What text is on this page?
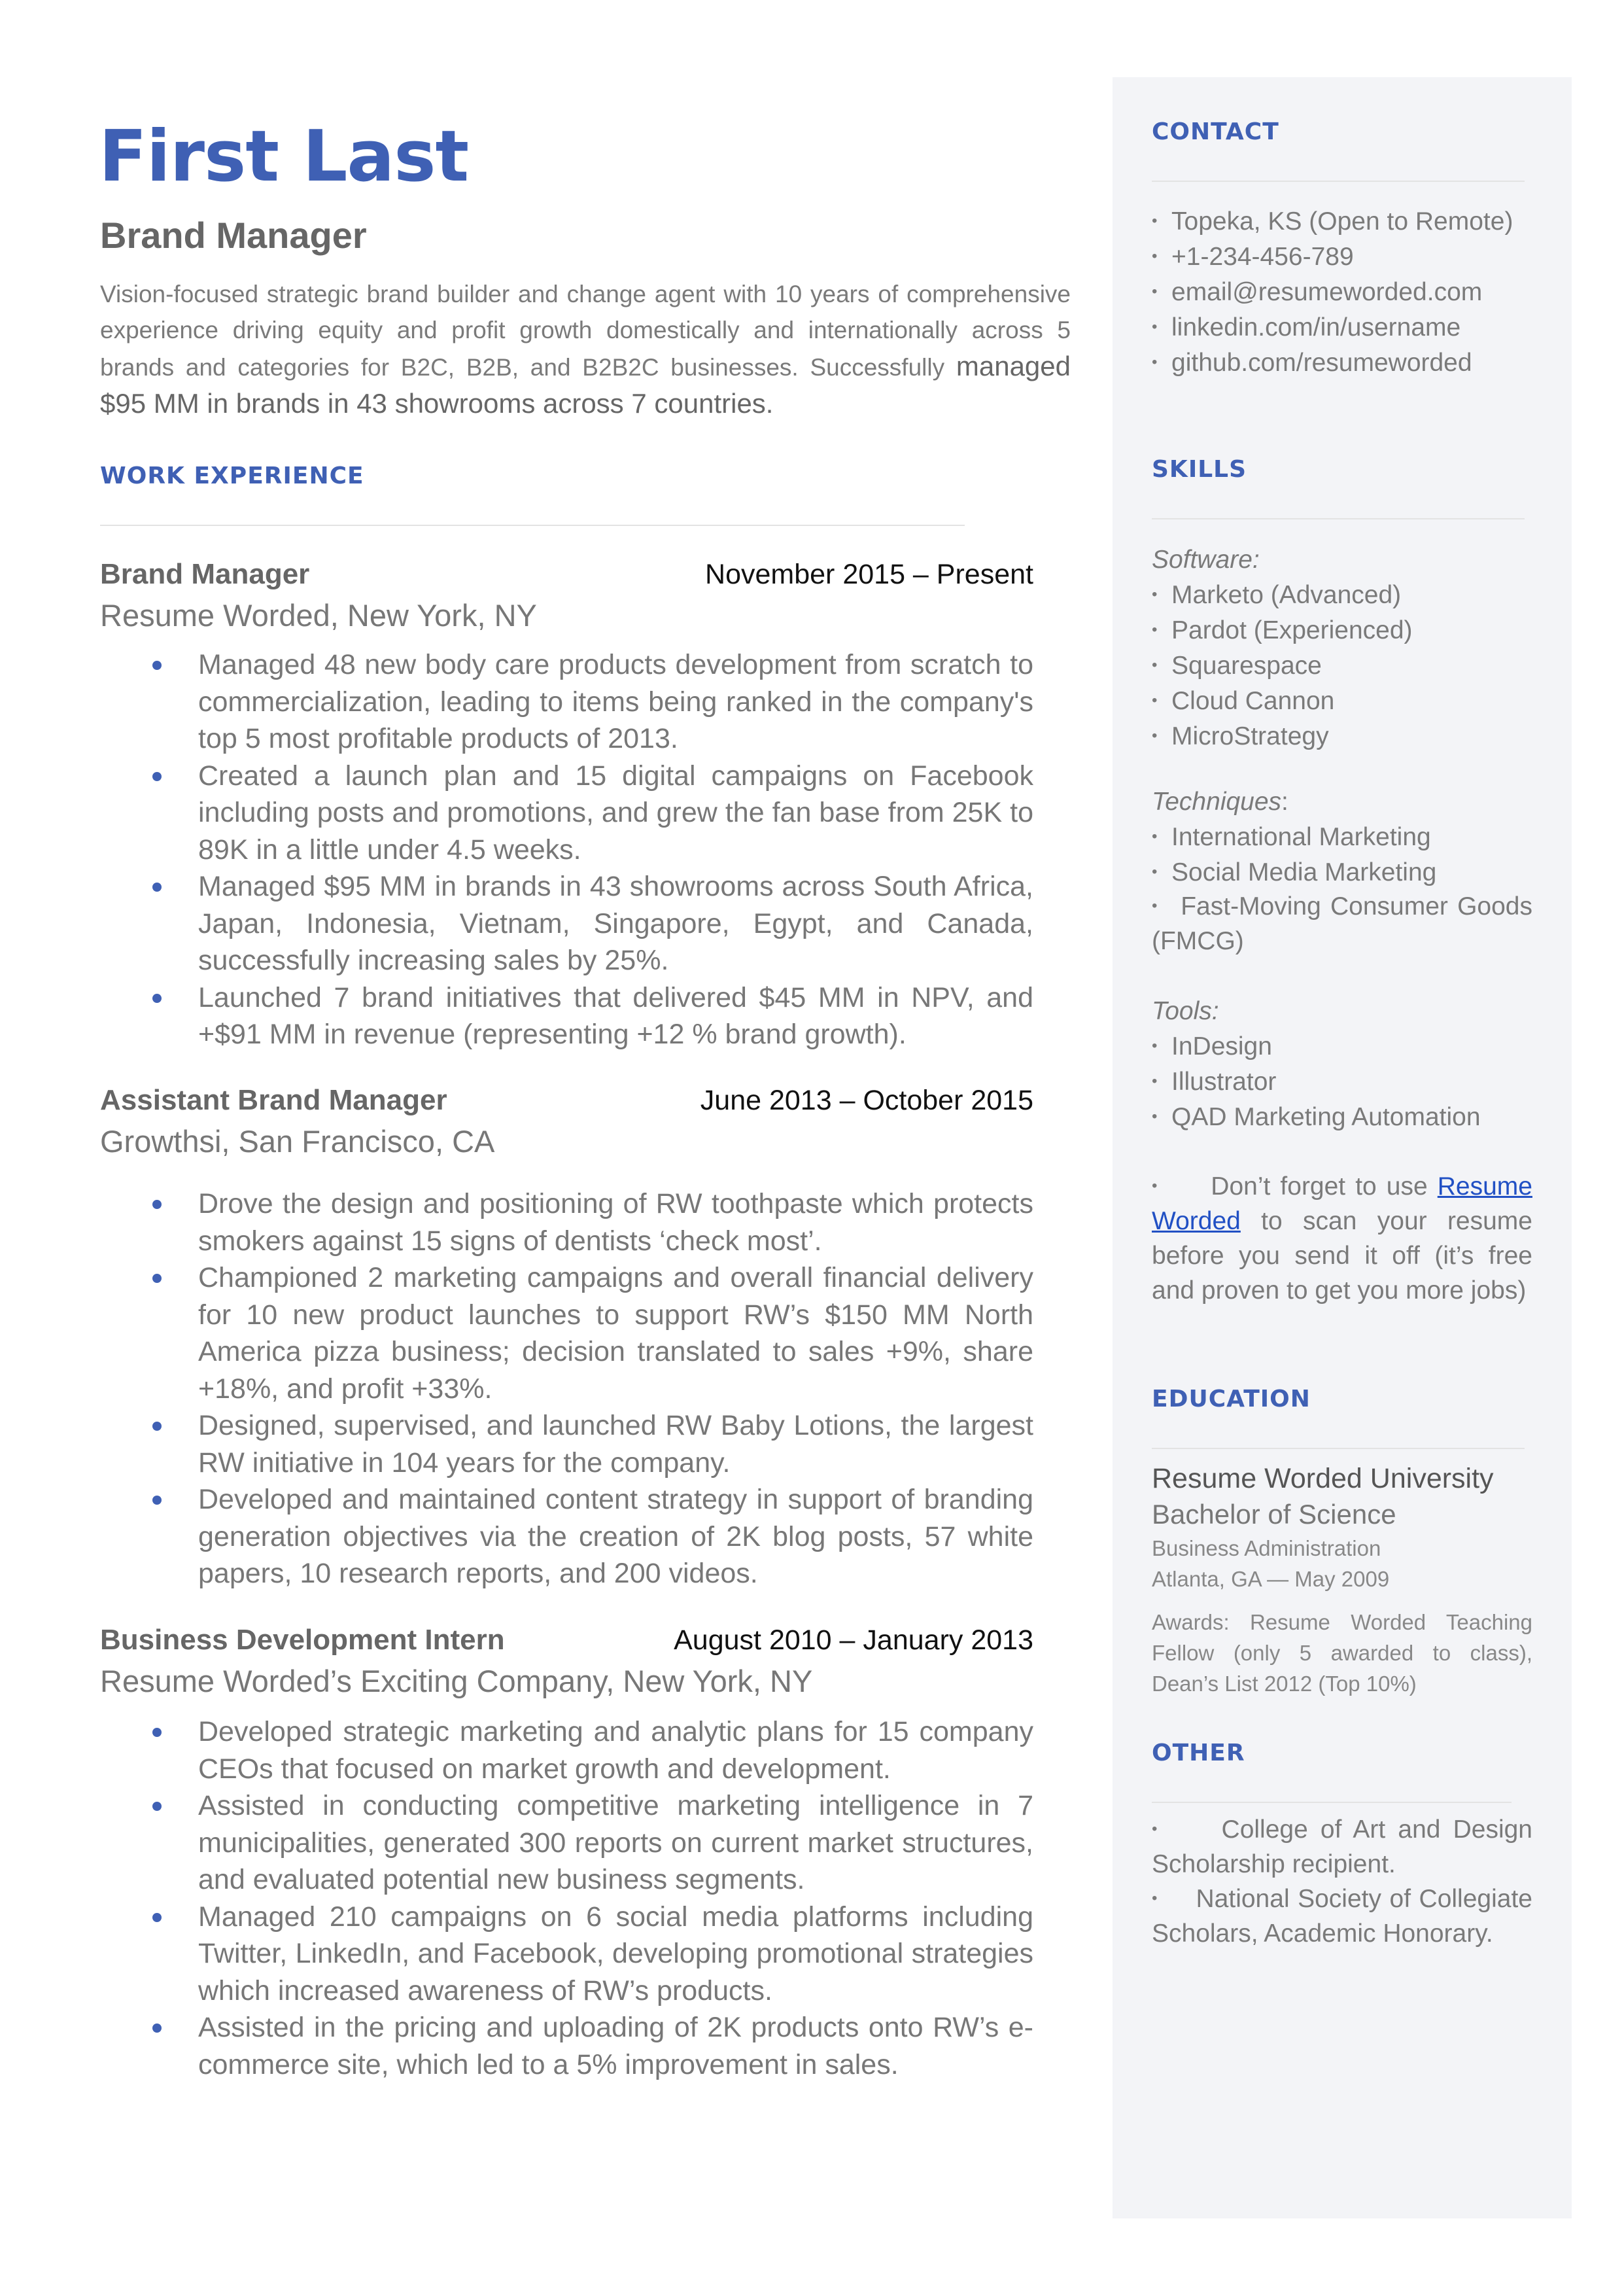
First Last
Brand Manager

Vision-focused strategic brand builder and change agent with 10 years of comprehensive experience driving equity and profit growth domestically and internationally across 5 brands and categories for B2C, B2B, and B2B2C businesses. Successfully managed $95 MM in brands in 43 showrooms across 7 countries.

WORK EXPERIENCE

Brand Manager	November 2015 – Present

Resume Worded, New York, NY

Managed 48 new body care products development from scratch to commercialization, leading to items being ranked in the company's top 5 most profitable products of 2013.
Created a launch plan and 15 digital campaigns on Facebook including posts and promotions, and grew the fan base from 25K to 89K in a little under 4.5 weeks.
Managed $95 MM in brands in 43 showrooms across South Africa, Japan, Indonesia, Vietnam, Singapore, Egypt, and Canada, successfully increasing sales by 25%.
Launched 7 brand initiatives that delivered $45 MM in NPV, and +$91 MM in revenue (representing +12 % brand growth).

Assistant Brand Manager	June 2013 – October 2015

Growthsi, San Francisco, CA

Drove the design and positioning of RW toothpaste which protects smokers against 15 signs of dentists ‘check most’.
Championed 2 marketing campaigns and overall financial delivery for 10 new product launches to support RW’s $150 MM North America pizza business; decision translated to sales +9%, share +18%, and profit +33%.
Designed, supervised, and launched RW Baby Lotions, the largest RW initiative in 104 years for the company.
Developed and maintained content strategy in support of branding generation objectives via the creation of 2K blog posts, 57 white papers, 10 research reports, and 200 videos.

Business Development Intern	August 2010 – January 2013

Resume Worded’s Exciting Company, New York, NY

Developed strategic marketing and analytic plans for 15 company CEOs that focused on market growth and development.
Assisted in conducting competitive marketing intelligence in 7 municipalities, generated 300 reports on current market structures, and evaluated potential new business segments.
Managed 210 campaigns on 6 social media platforms including Twitter, LinkedIn, and Facebook, developing promotional strategies which increased awareness of RW’s products.
Assisted in the pricing and uploading of 2K products onto RW’s e-commerce site, which led to a 5% improvement in sales.
CONTACT
• Topeka, KS (Open to Remote)
• +1-234-456-789
• email@resumeworded.com
• linkedin.com/in/username
• github.com/resumeworded
SKILLS
Software:
• Marketo (Advanced)
• Pardot (Experienced)
• Squarespace
• Cloud Cannon
• MicroStrategy
Techniques:
• International Marketing
• Social Media Marketing

• Fast-Moving Consumer Goods (FMCG)

Tools:
• InDesign
• Illustrator
• QAD Marketing Automation

• Don’t forget to use Resume Worded to scan your resume before you send it off (it’s free and proven to get you more jobs)

EDUCATION

Resume Worded University

Bachelor of Science

Business Administration

Atlanta, GA — May 2009

Awards: Resume Worded Teaching Fellow (only 5 awarded to class), Dean’s List 2012 (Top 10%)

OTHER

•	College of Art and Design Scholarship recipient.

• National Society of Collegiate Scholars, Academic Honorary.
